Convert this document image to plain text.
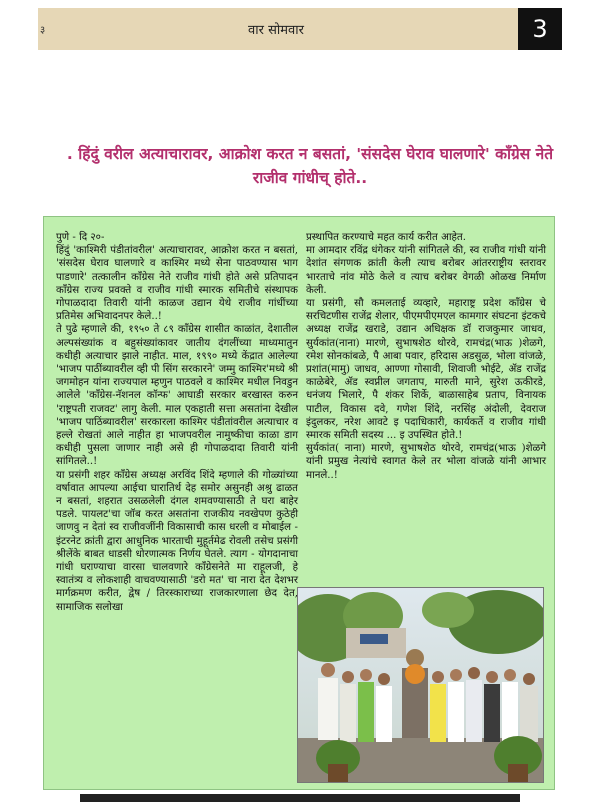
३	वार सोमवार	3
. हिंदुं वरील अत्याचारावर, आक्रोश करत न बसतां, 'संसदेस घेराव घालणारे' काँग्रेस नेते राजीव गांधीच् होते..

पुणे - दि २०-

हिंदुं 'काश्मिरी पंडीतांवरील' अत्याचारावर, आक्रोश करत न बसतां, 'संसदेस घेराव घालणारे व काश्मिर मध्ये सेना पाठवण्यास भाग पाडणारे' तत्कालीन कॉंग्रेस नेते राजीव गांधी होते असे प्रतिपादन कॉंग्रेस राज्य प्रवक्ते व राजीव गांधी स्मारक समितीचे संस्थापक गोपाळदादा तिवारी यांनी काळज उद्यान येथे राजीव गांधींच्या प्रतिमेस अभिवादनपर केले..!

ते पुढे म्हणाले की, १९५० ते ८९ कॉंग्रेस शासीत काळांत, देशातील अल्पसंख्यांक व बहुसंख्यांकावर जातीय दंगलींच्या माध्यमातुन कधीही अत्याचार झाले नाहीत. माल, १९९० मध्ये केंद्रात आलेल्या 'भाजप पाठींब्यावरील व्ही पी सिंग सरकारने' जम्मु काश्मिर'मध्ये श्री जगमोहन यांना राज्यपाल म्हणुन पाठवले व काश्मिर मधील निवडुन आलेले 'कॉंग्रेस-नॅशनल कॉन्फ' आघाडी सरकार बरखास्त करुन 'राष्ट्रपती राजवट' लागु केली. माल एकहाती सत्ता असतांना देखील 'भाजप पाठिंब्यावरील' सरकारला काश्मिर पंडीतांवरील अत्याचार व हल्ले रोखतां आले नाहीत हा भाजपवरील नामुष्कीचा काळा डाग कधीही पुसला जाणार नाही असे ही गोपाळदादा तिवारी यांनी सांगितले..!

या प्रसंगी शहर कॉंग्रेस अध्यक्ष अरविंद शिंदे म्हणाले की गोळ्यांच्या वर्षावात आपल्या आईचा घारातिर्थ देह समोर असुनही अश्रु ढाळत न बसतां, शहरात उसळलेली दंगल शमवण्यासाठी ते घरा बाहेर पडले. पायलट'चा जॉब करत असतांना राजकीय नवखेपण कुठेही जाणवु न देतां स्व राजीवजींनी विकासाची कास धरली व मोबाईल - इंटरनेट क्रांती द्वारा आधुनिक भारताची मुहूर्तमेढ रोवली तसेच प्रसंगी श्रीलेंके बाबत धाडसी धोरणात्मक निर्णय घेतले. त्याग - योगदानाचा गांधी घराण्याचा वारसा चालवणारे कॉंग्रेसनेते मा राहूलजी, हे स्वातंत्र्य व लोकशाही वाचवण्यासाठी 'डरो मत' चा नारा देत देशभर मार्गक्रमण करीत, द्वेष / तिरस्काराच्या राजकारणाला छेद देत, सामाजिक सलोखा

प्रस्थापित करण्याचे महत कार्य करीत आहेत.

मा आमदार रविंद्र धंगेकर यांनी सांगितले की, स्व राजीव गांधी यांनी देशांत संगणक क्रांती केली त्याच बरोबर आंतरराष्ट्रीय स्तरावर भारताचे नांव मोठे केले व त्याच बरोबर वेगळी ओळख निर्माण केली.

या प्रसंगी, सौ कमलताई व्यव्हारे, महाराष्ट्र प्रदेश कॉंग्रेस चे सरचिटणीस राजेंद्र शेलार, पीएमपीएमएल कामगार संघटना इंटकचे अध्यक्ष राजेंद्र खराडे, उद्यान अधिक्षक डॉ राजकुमार जाधव, सुर्यकांत(नाना) मारणे, सुभाषशेठ थोरवे, रामचंद्र(भाऊ )शेळगे, रमेश सोनकांबळे, पै आबा पवार, हरिदास अडसुळ, भोला वांजळे, प्रशांत(मामु) जाधव, आण्णा गोसावी, शिवाजी भोईटे, ॲड राजेंद्र काळेबेरे, ॲड स्वप्नील जगताप, मारुती माने, सुरेश ऊकीरडे, धनंजय भिलारे, पै शंकर शिर्के, बाळासाहेब प्रताप, विनायक पाटील, विकास दवे, गणेश शिंदे, नरसिंह अंदोली, देवराज इंदुलकर, नरेश आवटे इ पदाधिकारी, कार्यकर्ते व राजीव गांधी स्मारक समिती सदस्य ... इ उपस्थित होते.!

सुर्यकांत( नाना) मारणे, सुभाषशेठ थोरवे, रामचंद्र(भाऊ )शेळगे यांनी प्रमुख नेत्यांचे स्वागत केले तर भोला वांजळे यांनी आभार मानले..!
